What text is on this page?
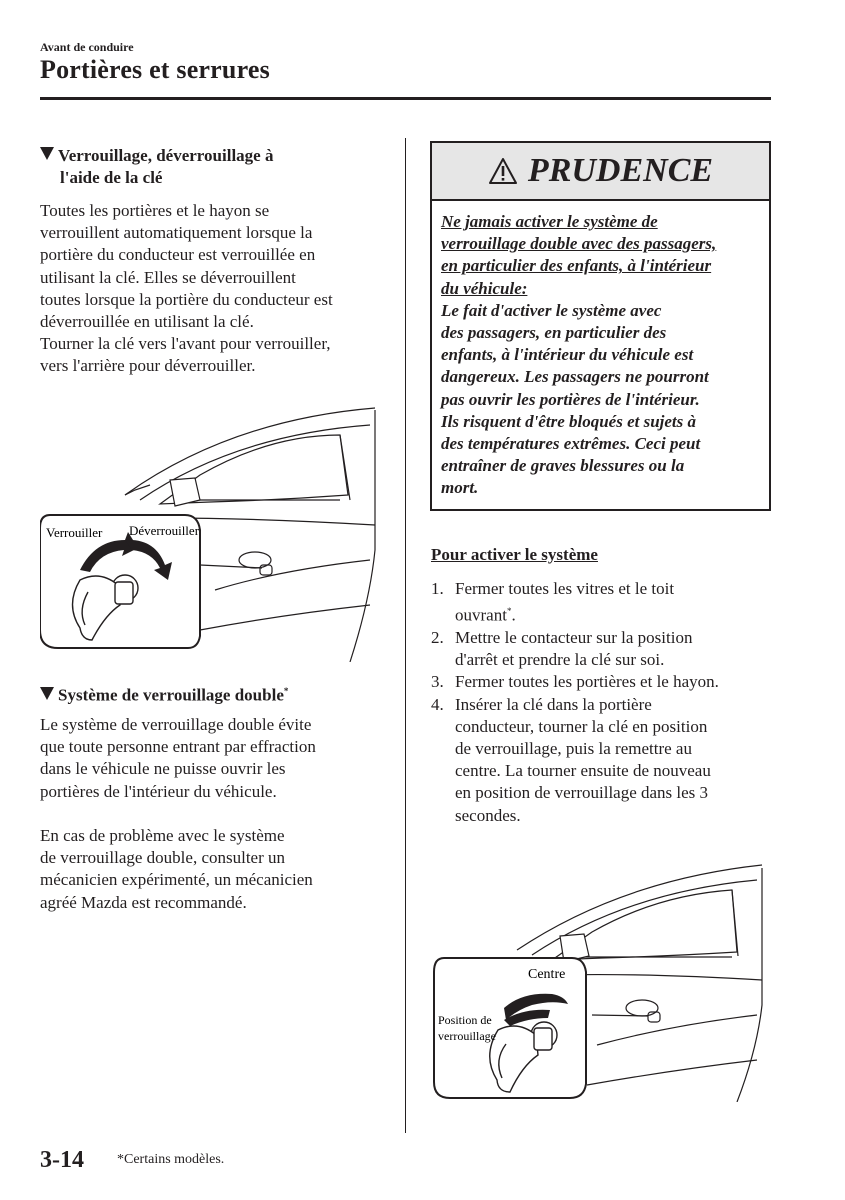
Avant de conduire
Portières et serrures
Verrouillage, déverrouillage à
l'aide de la clé

Toutes les portières et le hayon se

verrouillent automatiquement lorsque la

portière du conducteur est verrouillée en

utilisant la clé. Elles se déverrouillent

toutes lorsque la portière du conducteur est

déverrouillée en utilisant la clé.

Tourner la clé vers l'avant pour verrouiller,

vers l'arrière pour déverrouiller.

Verrouiller Déverrouiller
Système de verrouillage double*

Le système de verrouillage double évite

que toute personne entrant par effraction

dans le véhicule ne puisse ouvrir les

portières de l'intérieur du véhicule.

En cas de problème avec le système

de verrouillage double, consulter un

mécanicien expérimenté, un mécanicien

agréé Mazda est recommandé.

PRUDENCE

Ne jamais activer le système de

verrouillage double avec des passagers,

en particulier des enfants, à l'intérieur

du véhicule:

Le fait d'activer le système avec

des passagers, en particulier des

enfants, à l'intérieur du véhicule est

dangereux. Les passagers ne pourront

pas ouvrir les portières de l'intérieur.

Ils risquent d'être bloqués et sujets à

des températures extrêmes. Ceci peut

entraîner de graves blessures ou la

mort.

Pour activer le système
1. Fermer toutes les vitres et le toit

ouvrant*.

2. Mettre le contacteur sur la position

d'arrêt et prendre la clé sur soi.

3. Fermer toutes les portières et le hayon.

4. Insérer la clé dans la portière

conducteur, tourner la clé en position

de verrouillage, puis la remettre au

centre. La tourner ensuite de nouveau

en position de verrouillage dans les 3

secondes.

Centre
Position de
verrouillage
3-14 *Certains modèles.
